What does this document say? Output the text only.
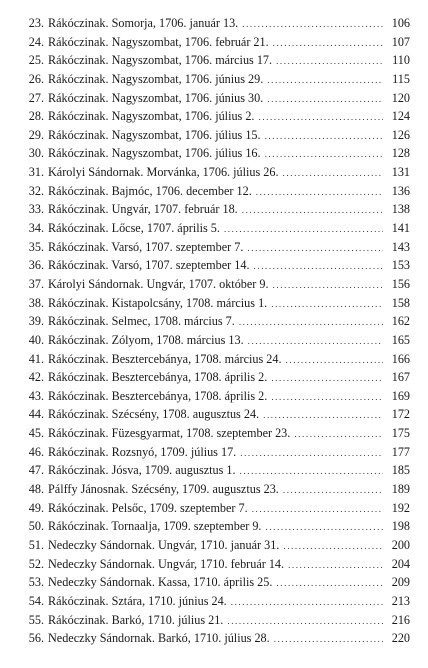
23. Rákóczinak. Somorja, 1706. január 13. .....	106
24. Rákóczinak. Nagyszombat, 1706. február 21. .....	107
25. Rákóczinak. Nagyszombat, 1706. március 17. .....	110
26. Rákóczinak. Nagyszombat, 1706. június 29. .....	115
27. Rákóczinak. Nagyszombat, 1706. június 30. .....	120
28. Rákóczinak. Nagyszombat, 1706. július 2. .....	124
29. Rákóczinak. Nagyszombat, 1706. július 15. .....	126
30. Rákóczinak. Nagyszombat, 1706. július 16. .....	128
31. Károlyi Sándornak. Morvánka, 1706. július 26. .....	131
32. Rákóczinak. Bajmóc, 1706. december 12. .....	136
33. Rákóczinak. Ungvár, 1707. február 18. .....	138
34. Rákóczinak. Lőcse, 1707. április 5. .....	141
35. Rákóczinak. Varsó, 1707. szeptember 7. .....	143
36. Rákóczinak. Varsó, 1707. szeptember 14. .....	153
37. Károlyi Sándornak. Ungvár, 1707. október 9. .....	156
38. Rákóczinak. Kistapolcsány, 1708. március 1. .....	158
39. Rákóczinak. Selmec, 1708. március 7. .....	162
40. Rákóczinak. Zólyom, 1708. március 13. .....	165
41. Rákóczinak. Besztercebánya, 1708. március 24. .....	166
42. Rákóczinak. Besztercebánya, 1708. április 2. .....	167
43. Rákóczinak. Besztercebánya, 1708. április 2. .....	169
44. Rákóczinak. Szécsény, 1708. augusztus 24. .....	172
45. Rákóczinak. Füzesgyarmat, 1708. szeptember 23. .....	175
46. Rákóczinak. Rozsnyó, 1709. július 17. .....	177
47. Rákóczinak. Jósva, 1709. augusztus 1. .....	185
48. Pálffy Jánosnak. Szécsény, 1709. augusztus 23. .....	189
49. Rákóczinak. Pelsőc, 1709. szeptember 7. .....	192
50. Rákóczinak. Tornaalja, 1709. szeptember 9. .....	198
51. Nedeczky Sándornak. Ungvár, 1710. január 31. .....	200
52. Nedeczky Sándornak. Ungvár, 1710. február 14. .....	204
53. Nedeczky Sándornak. Kassa, 1710. április 25. .....	209
54. Rákóczinak. Sztára, 1710. június 24. .....	213
55. Rákóczinak. Barkó, 1710. július 21. .....	216
56. Nedeczky Sándornak. Barkó, 1710. július 28. .....	220
